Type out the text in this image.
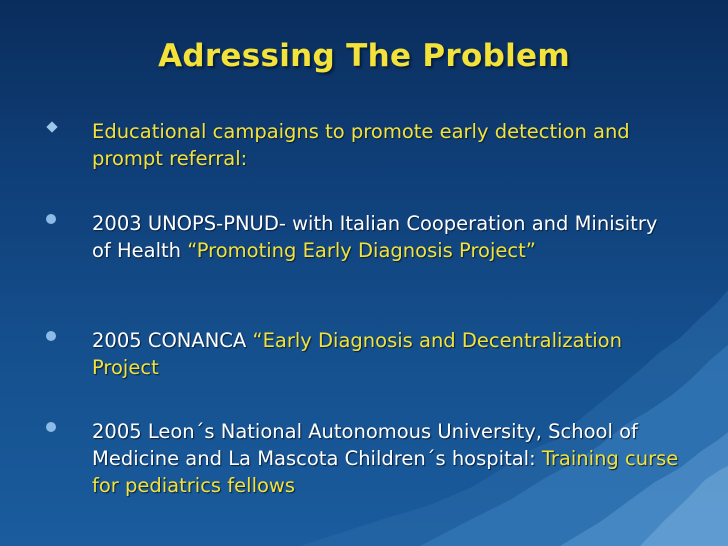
Adressing The Problem

Educational campaigns to promote early detection and prompt referral:

2003 UNOPS-PNUD- with Italian Cooperation and Minisitry of Health “Promoting Early Diagnosis Project”

2005 CONANCA “Early Diagnosis and Decentralization Project

2005 Leon´s National Autonomous University, School of Medicine and La Mascota Children´s hospital: Training curse for pediatrics fellows
